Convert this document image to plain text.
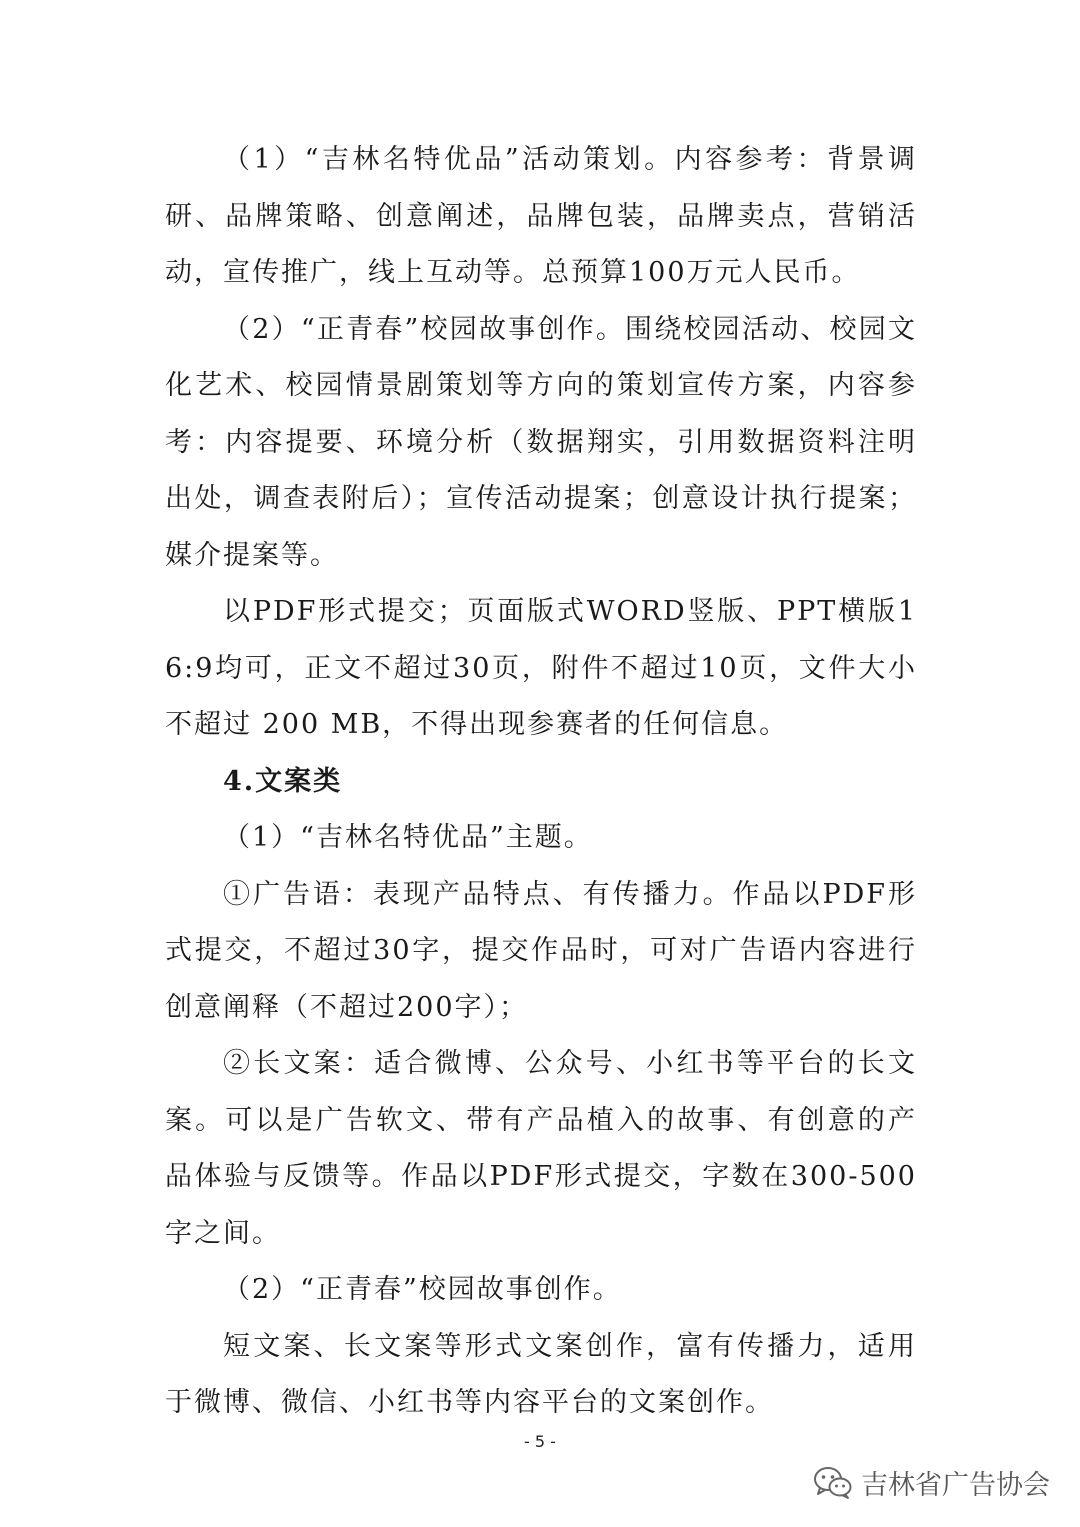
（1）“吉林名特优品”活动策划。内容参考：背景调研、品牌策略、创意阐述，品牌包装，品牌卖点，营销活动，宣传推广，线上互动等。总预算100万元人民币。

（2）“正青春”校园故事创作。围绕校园活动、校园文化艺术、校园情景剧策划等方向的策划宣传方案，内容参考：内容提要、环境分析（数据翔实，引用数据资料注明出处，调查表附后）；宣传活动提案；创意设计执行提案；媒介提案等。

以PDF形式提交；页面版式WORD竖版、PPT横版16:9均可，正文不超过30页，附件不超过10页，文件大小不超过 200 MB，不得出现参赛者的任何信息。

4.文案类

（1）“吉林名特优品”主题。

①广告语：表现产品特点、有传播力。作品以PDF形式提交，不超过30字，提交作品时，可对广告语内容进行创意阐释（不超过200字）；

②长文案：适合微博、公众号、小红书等平台的长文案。可以是广告软文、带有产品植入的故事、有创意的产品体验与反馈等。作品以PDF形式提交，字数在300-500字之间。

（2）“正青春”校园故事创作。

短文案、长文案等形式文案创作，富有传播力，适用于微博、微信、小红书等内容平台的文案创作。

- 5 -
吉林省广告协会
